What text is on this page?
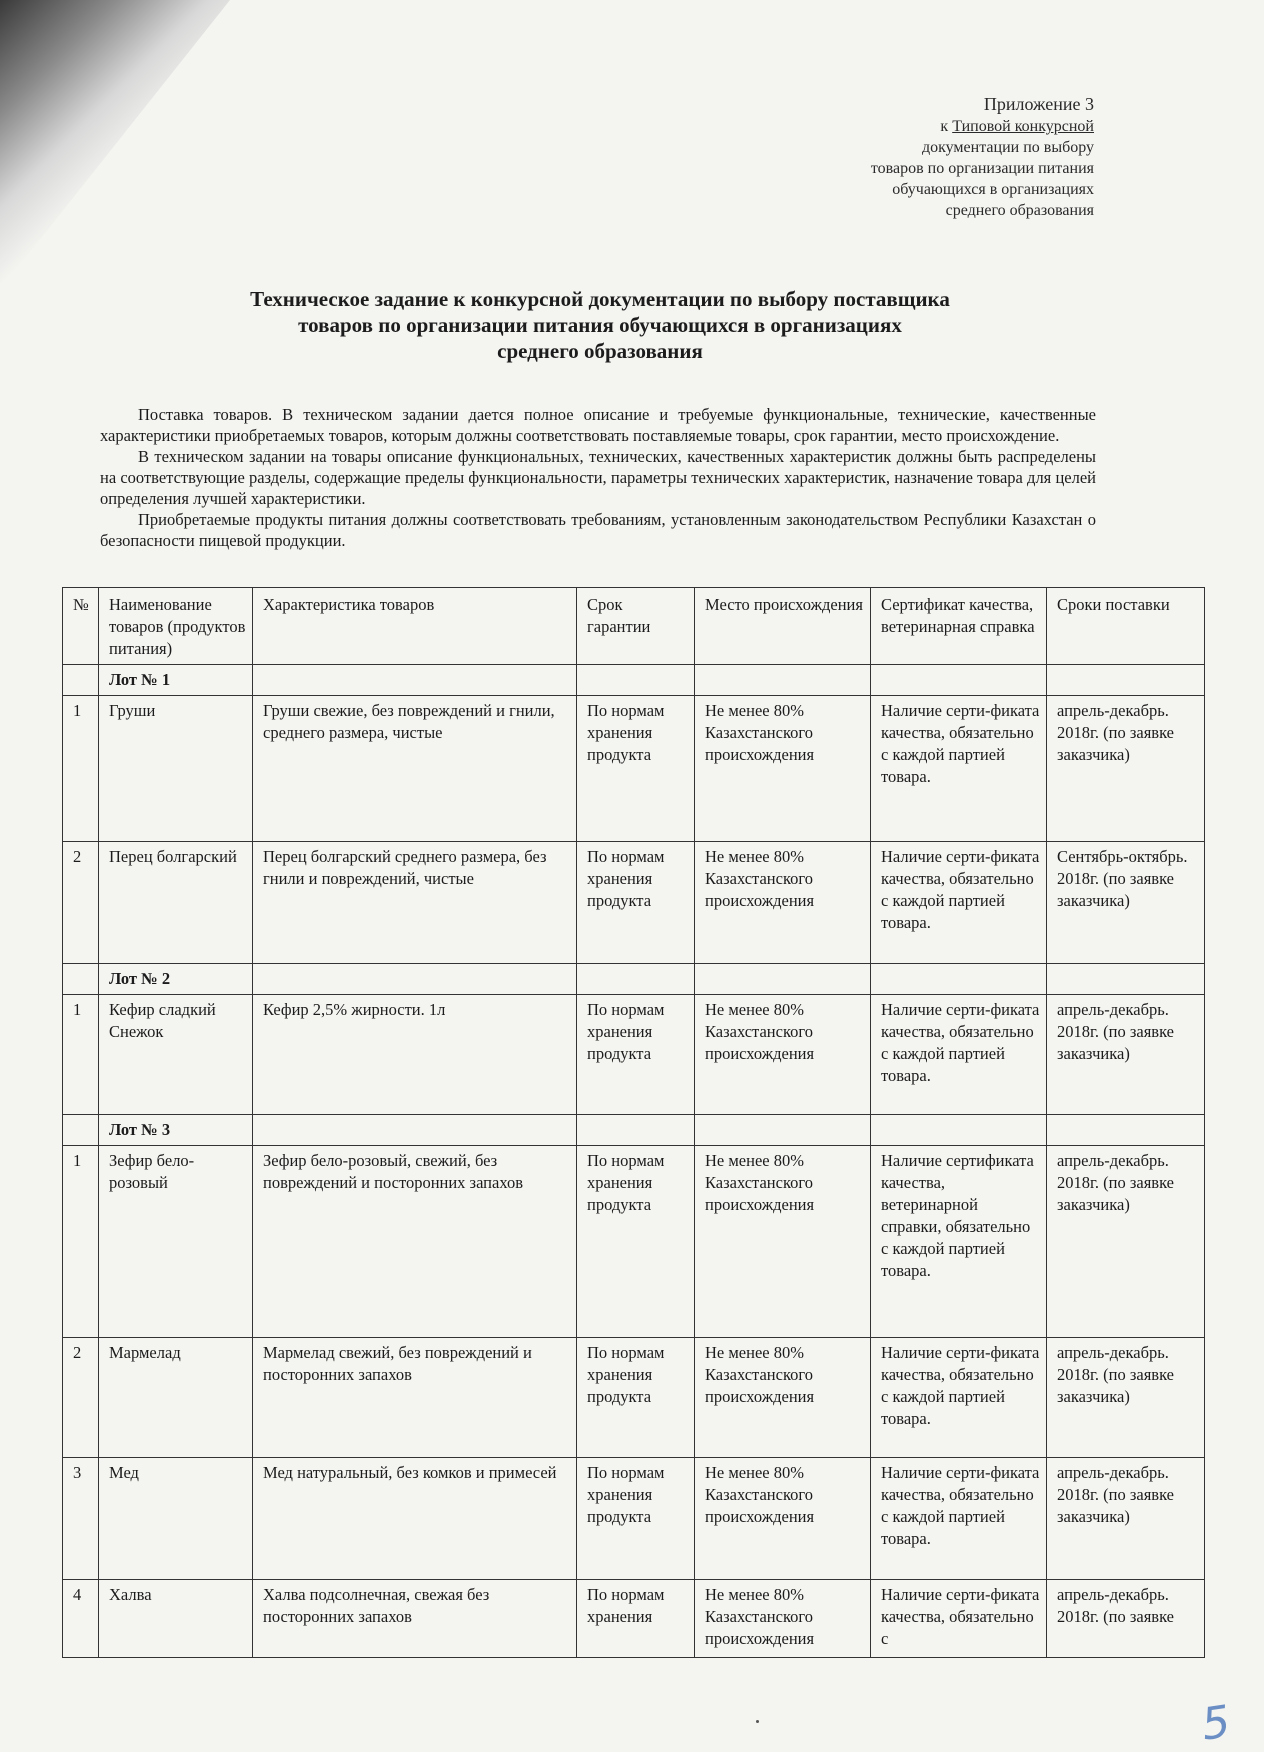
Приложение 3
к Типовой конкурсной
документации по выбору
товаров по организации питания
обучающихся в организациях
среднего образования
Техническое задание к конкурсной документации по выбору поставщика
товаров по организации питания обучающихся в организациях
среднего образования

Поставка товаров. В техническом задании дается полное описание и требуемые функциональные, технические, качественные характеристики приобретаемых товаров, которым должны соответствовать поставляемые товары, срок гарантии, место происхождение.

В техническом задании на товары описание функциональных, технических, качественных характеристик должны быть распределены на соответствующие разделы, содержащие пределы функциональности, параметры технических характеристик, назначение товара для целей определения лучшей характеристики.

Приобретаемые продукты питания должны соответствовать требованиям, установленным законодательством Республики Казахстан о безопасности пищевой продукции.

№	Наименование товаров (продуктов питания)	Характеристика товаров	Срок гарантии	Место происхождения	Сертификат качества, ветеринарная справка	Сроки поставки
	Лот № 1					
1	Груши	Груши свежие, без повреждений и гнили, среднего размера, чистые	По нормам хранения продукта	Не менее 80% Казахстанского происхождения	Наличие серти-фиката качества, обязательно с каждой партией товара.	апрель-декабрь. 2018г. (по заявке заказчика)
2	Перец болгарский	Перец болгарский среднего размера, без гнили и повреждений, чистые	По нормам хранения продукта	Не менее 80% Казахстанского происхождения	Наличие серти-фиката качества, обязательно с каждой партией товара.	Сентябрь-октябрь. 2018г. (по заявке заказчика)
	Лот № 2					
1	Кефир сладкий Снежок	Кефир 2,5% жирности. 1л	По нормам хранения продукта	Не менее 80% Казахстанского происхождения	Наличие серти-фиката качества, обязательно с каждой партией товара.	апрель-декабрь. 2018г. (по заявке заказчика)
	Лот № 3					
1	Зефир бело-розовый	Зефир бело-розовый, свежий, без повреждений и посторонних запахов	По нормам хранения продукта	Не менее 80% Казахстанского происхождения	Наличие сертификата качества, ветеринарной справки, обязательно с каждой партией товара.	апрель-декабрь. 2018г. (по заявке заказчика)
2	Мармелад	Мармелад свежий, без повреждений и посторонних запахов	По нормам хранения продукта	Не менее 80% Казахстанского происхождения	Наличие серти-фиката качества, обязательно с каждой партией товара.	апрель-декабрь. 2018г. (по заявке заказчика)
3	Мед	Мед натуральный, без комков и примесей	По нормам хранения продукта	Не менее 80% Казахстанского происхождения	Наличие серти-фиката качества, обязательно с каждой партией товара.	апрель-декабрь. 2018г. (по заявке заказчика)
4	Халва	Халва подсолнечная, свежая без посторонних запахов	По нормам хранения	Не менее 80% Казахстанского происхождения	Наличие серти-фиката качества, обязательно с	апрель-декабрь. 2018г. (по заявке
5
